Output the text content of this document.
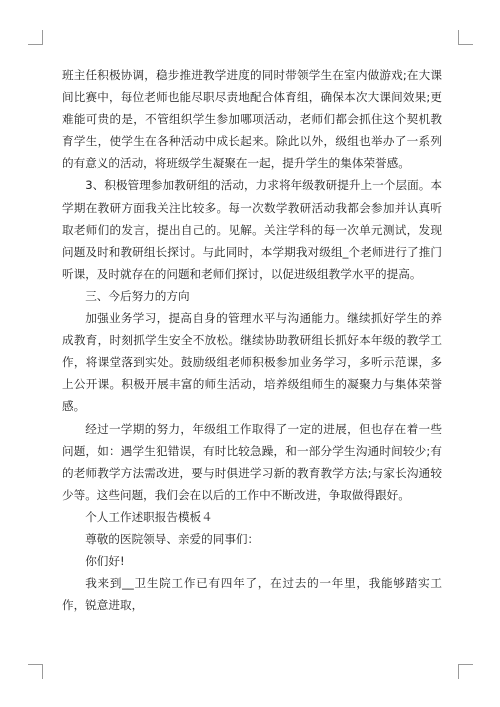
班主任积极协调，稳步推进教学进度的同时带领学生在室内做游戏;在大课间比赛中，每位老师也能尽职尽责地配合体育组，确保本次大课间效果;更难能可贵的是，不管组织学生参加哪项活动，老师们都会抓住这个契机教育学生，使学生在各种活动中成长起来。除此以外，级组也举办了一系列的有意义的活动，将班级学生凝聚在一起，提升学生的集体荣誉感。

3、积极管理参加教研组的活动，力求将年级教研提升上一个层面。本学期在教研方面我关注比较多。每一次数学教研活动我都会参加并认真听取老师们的发言，提出自己的。见解。关注学科的每一次单元测试，发现问题及时和教研组长探讨。与此同时，本学期我对级组_个老师进行了推门听课，及时就存在的问题和老师们探讨，以促进级组教学水平的提高。

三、今后努力的方向

加强业务学习，提高自身的管理水平与沟通能力。继续抓好学生的养成教育，时刻抓学生安全不放松。继续协助教研组长抓好本年级的教学工作，将课堂落到实处。鼓励级组老师积极参加业务学习，多听示范课，多上公开课。积极开展丰富的师生活动，培养级组师生的凝聚力与集体荣誉感。

经过一学期的努力，年级组工作取得了一定的进展，但也存在着一些问题，如：遇学生犯错误，有时比较急躁，和一部分学生沟通时间较少;有的老师教学方法需改进，要与时俱进学习新的教育教学方法;与家长沟通较少等。这些问题，我们会在以后的工作中不断改进，争取做得跟好。

个人工作述职报告模板４

尊敬的医院领导、亲爱的同事们：

你们好!

我来到__卫生院工作已有四年了，在过去的一年里，我能够踏实工作，锐意进取，
